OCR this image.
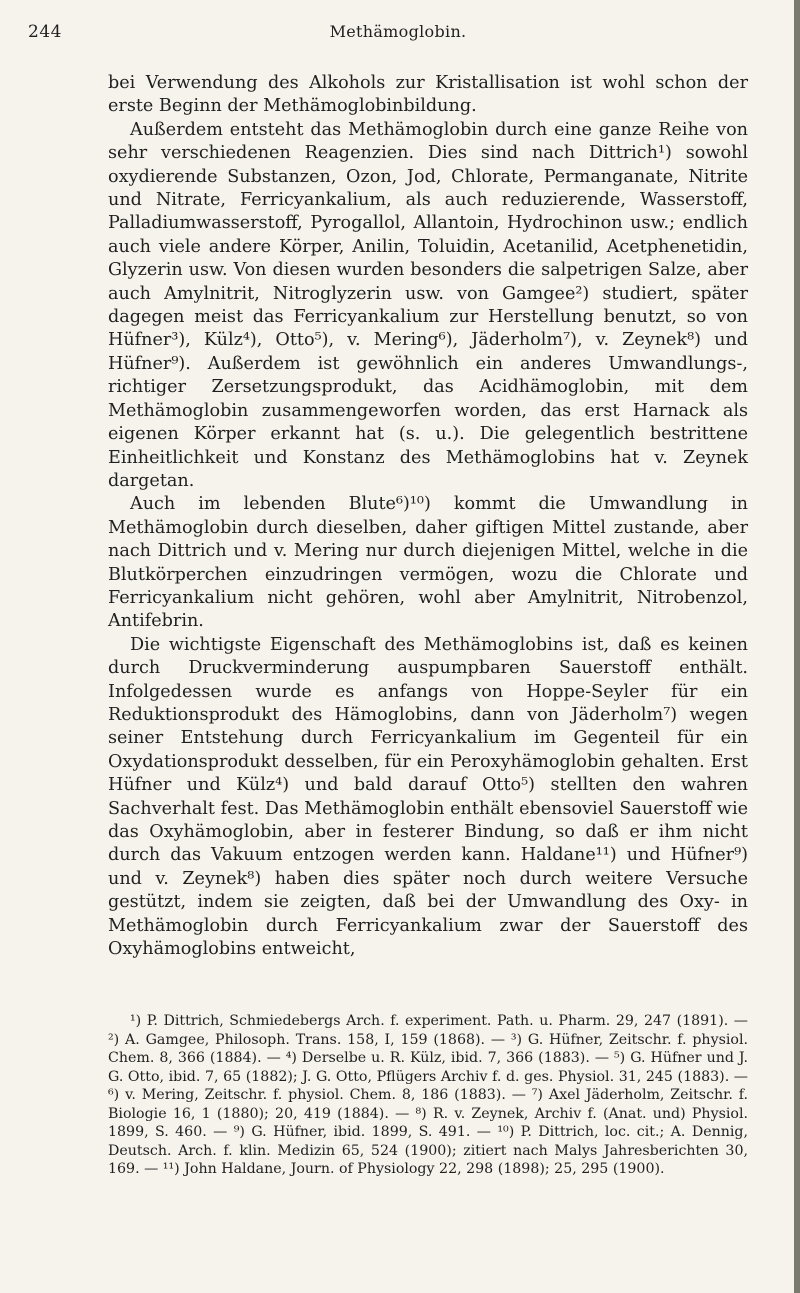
244	Methämoglobin.

bei Verwendung des Alkohols zur Kristallisation ist wohl schon der erste Beginn der Methämoglobinbildung.

Außerdem entsteht das Methämoglobin durch eine ganze Reihe von sehr verschiedenen Reagenzien. Dies sind nach Dittrich¹) sowohl oxydierende Substanzen, Ozon, Jod, Chlorate, Permanganate, Nitrite und Nitrate, Ferricyankalium, als auch reduzierende, Wasserstoff, Palladiumwasserstoff, Pyrogallol, Allantoin, Hydrochinon usw.; endlich auch viele andere Körper, Anilin, Toluidin, Acetanilid, Acetphenetidin, Glyzerin usw. Von diesen wurden besonders die salpetrigen Salze, aber auch Amylnitrit, Nitroglyzerin usw. von Gamgee²) studiert, später dagegen meist das Ferricyankalium zur Herstellung benutzt, so von Hüfner³), Külz⁴), Otto⁵), v. Mering⁶), Jäderholm⁷), v. Zeynek⁸) und Hüfner⁹). Außerdem ist gewöhnlich ein anderes Umwandlungs-, richtiger Zersetzungsprodukt, das Acidhämoglobin, mit dem Methämoglobin zusammengeworfen worden, das erst Harnack als eigenen Körper erkannt hat (s. u.). Die gelegentlich bestrittene Einheitlichkeit und Konstanz des Methämoglobins hat v. Zeynek dargetan.

Auch im lebenden Blute⁶)¹⁰) kommt die Umwandlung in Methämoglobin durch dieselben, daher giftigen Mittel zustande, aber nach Dittrich und v. Mering nur durch diejenigen Mittel, welche in die Blutkörperchen einzudringen vermögen, wozu die Chlorate und Ferricyankalium nicht gehören, wohl aber Amylnitrit, Nitrobenzol, Antifebrin.

Die wichtigste Eigenschaft des Methämoglobins ist, daß es keinen durch Druckverminderung auspumpbaren Sauerstoff enthält. Infolgedessen wurde es anfangs von Hoppe-Seyler für ein Reduktionsprodukt des Hämoglobins, dann von Jäderholm⁷) wegen seiner Entstehung durch Ferricyankalium im Gegenteil für ein Oxydationsprodukt desselben, für ein Peroxyhämoglobin gehalten. Erst Hüfner und Külz⁴) und bald darauf Otto⁵) stellten den wahren Sachverhalt fest. Das Methämoglobin enthält ebensoviel Sauerstoff wie das Oxyhämoglobin, aber in festerer Bindung, so daß er ihm nicht durch das Vakuum entzogen werden kann. Haldane¹¹) und Hüfner⁹) und v. Zeynek⁸) haben dies später noch durch weitere Versuche gestützt, indem sie zeigten, daß bei der Umwandlung des Oxy- in Methämoglobin durch Ferricyankalium zwar der Sauerstoff des Oxyhämoglobins entweicht,

¹) P. Dittrich, Schmiedebergs Arch. f. experiment. Path. u. Pharm. 29, 247 (1891). — ²) A. Gamgee, Philosoph. Trans. 158, I, 159 (1868). — ³) G. Hüfner, Zeitschr. f. physiol. Chem. 8, 366 (1884). — ⁴) Derselbe u. R. Külz, ibid. 7, 366 (1883). — ⁵) G. Hüfner und J. G. Otto, ibid. 7, 65 (1882); J. G. Otto, Pflügers Archiv f. d. ges. Physiol. 31, 245 (1883). — ⁶) v. Mering, Zeitschr. f. physiol. Chem. 8, 186 (1883). — ⁷) Axel Jäderholm, Zeitschr. f. Biologie 16, 1 (1880); 20, 419 (1884). — ⁸) R. v. Zeynek, Archiv f. (Anat. und) Physiol. 1899, S. 460. — ⁹) G. Hüfner, ibid. 1899, S. 491. — ¹⁰) P. Dittrich, loc. cit.; A. Dennig, Deutsch. Arch. f. klin. Medizin 65, 524 (1900); zitiert nach Malys Jahresberichten 30, 169. — ¹¹) John Haldane, Journ. of Physiology 22, 298 (1898); 25, 295 (1900).
